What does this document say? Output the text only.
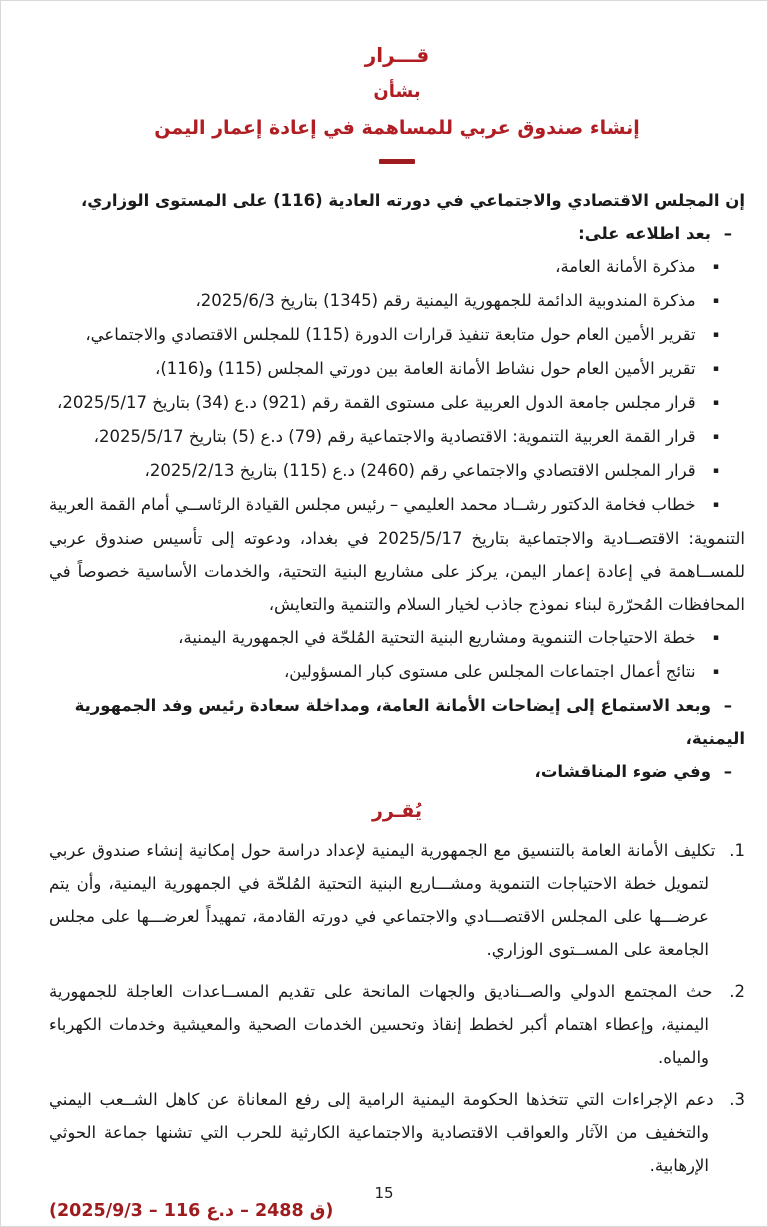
قـــرار
بشأن
إنشاء صندوق عربي للمساهمة في إعادة إعمار اليمن
إن المجلس الاقتصادي والاجتماعي في دورته العادية (116) على المستوى الوزاري،
– بعد اطلاعه على:
▪ مذكرة الأمانة العامة،
▪ مذكرة المندوبية الدائمة للجمهورية اليمنية رقم (1345) بتاريخ 2025/6/3،
▪ تقرير الأمين العام حول متابعة تنفيذ قرارات الدورة (115) للمجلس الاقتصادي والاجتماعي،
▪ تقرير الأمين العام حول نشاط الأمانة العامة بين دورتي المجلس (115) و(116)،
▪ قرار مجلس جامعة الدول العربية على مستوى القمة رقم (921) د.ع (34) بتاريخ 2025/5/17،
▪ قرار القمة العربية التنموية: الاقتصادية والاجتماعية رقم (79) د.ع (5) بتاريخ 2025/5/17،
▪ قرار المجلس الاقتصادي والاجتماعي رقم (2460) د.ع (115) بتاريخ 2025/2/13،
▪ خطاب فخامة الدكتور رشــاد محمد العليمي – رئيس مجلس القيادة الرئاســي أمام القمة العربية التنموية: الاقتصــادية والاجتماعية بتاريخ 2025/5/17 في بغداد، ودعوته إلى تأسيس صندوق عربي للمســاهمة في إعادة إعمار اليمن، يركز على مشاريع البنية التحتية، والخدمات الأساسية خصوصاً في المحافظات المُحرّرة لبناء نموذج جاذب لخيار السلام والتنمية والتعايش،
▪ خطة الاحتياجات التنموية ومشاريع البنية التحتية المُلحّة في الجمهورية اليمنية،
▪ نتائج أعمال اجتماعات المجلس على مستوى كبار المسؤولين،
– وبعد الاستماع إلى إيضاحات الأمانة العامة، ومداخلة سعادة رئيس وفد الجمهورية اليمنية،
– وفي ضوء المناقشات،
يُقـرر
1. تكليف الأمانة العامة بالتنسيق مع الجمهورية اليمنية لإعداد دراسة حول إمكانية إنشاء صندوق عربي لتمويل خطة الاحتياجات التنموية ومشـــاريع البنية التحتية المُلحّة في الجمهورية اليمنية، وأن يتم عرضـــها على المجلس الاقتصـــادي والاجتماعي في دورته القادمة، تمهيداً لعرضـــها على مجلس الجامعة على المســتوى الوزاري.
2. حث المجتمع الدولي والصــناديق والجهات المانحة على تقديم المســاعدات العاجلة للجمهورية اليمنية، وإعطاء اهتمام أكبر لخطط إنقاذ وتحسين الخدمات الصحية والمعيشية وخدمات الكهرباء والمياه.
3. دعم الإجراءات التي تتخذها الحكومة اليمنية الرامية إلى رفع المعاناة عن كاهل الشــعب اليمني والتخفيف من الآثار والعواقب الاقتصادية والاجتماعية الكارثية للحرب التي تشنها جماعة الحوثي الإرهابية.
(ق 2488 – د.ع 116 – 2025/9/3)
15
